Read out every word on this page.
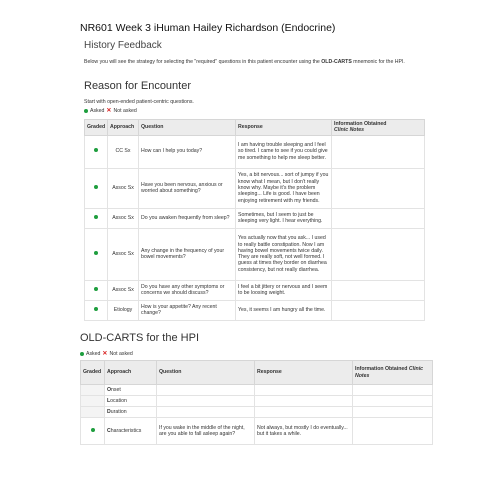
NR601 Week 3 iHuman Hailey Richardson (Endocrine)
History Feedback

Below you will see the strategy for selecting the "required" questions in this patient encounter using the OLD-CARTS mnemonic for the HPI.

Reason for Encounter

Start with open-ended patient-centric questions.

Asked ✕ Not asked
Graded	Approach	Question	Response	Information Obtained
Clinic Notes
	CC Sx	How can I help you today?	I am having trouble sleeping and I feel so tired. I came to see if you could give me something to help me sleep better.	
	Assoc Sx	Have you been nervous, anxious or worried about something?	Yes, a bit nervous... sort of jumpy if you know what I mean, but I don't really know why. Maybe it's the problem sleeping... Life is good. I have been enjoying retirement with my friends.	
	Assoc Sx	Do you awaken frequently from sleep?	Sometimes, but I seem to just be sleeping very light. I hear everything.	
	Assoc Sx	Any change in the frequency of your bowel movements?	Yes actually now that you ask... I used to really battle constipation. Now I am having bowel movements twice daily. They are really soft, not well formed. I guess at times they border on diarrhea consistency, but not really diarrhea.	
	Assoc Sx	Do you have any other symptoms or concerns we should discuss?	I feel a bit jittery or nervous and I seem to be loosing weight.	
	Etiology	How is your appetite? Any recent change?	Yes, it seems I am hungry all the time.	
OLD-CARTS for the HPI
Asked ✕ Not asked
Graded	Approach	Question	Response	Information Obtained Clinic Notes
	Onset			
	Location			
	Duration			
	Characteristics	If you wake in the middle of the night, are you able to fall asleep again?	Not always, but mostly I do eventually... but it takes a while.	
